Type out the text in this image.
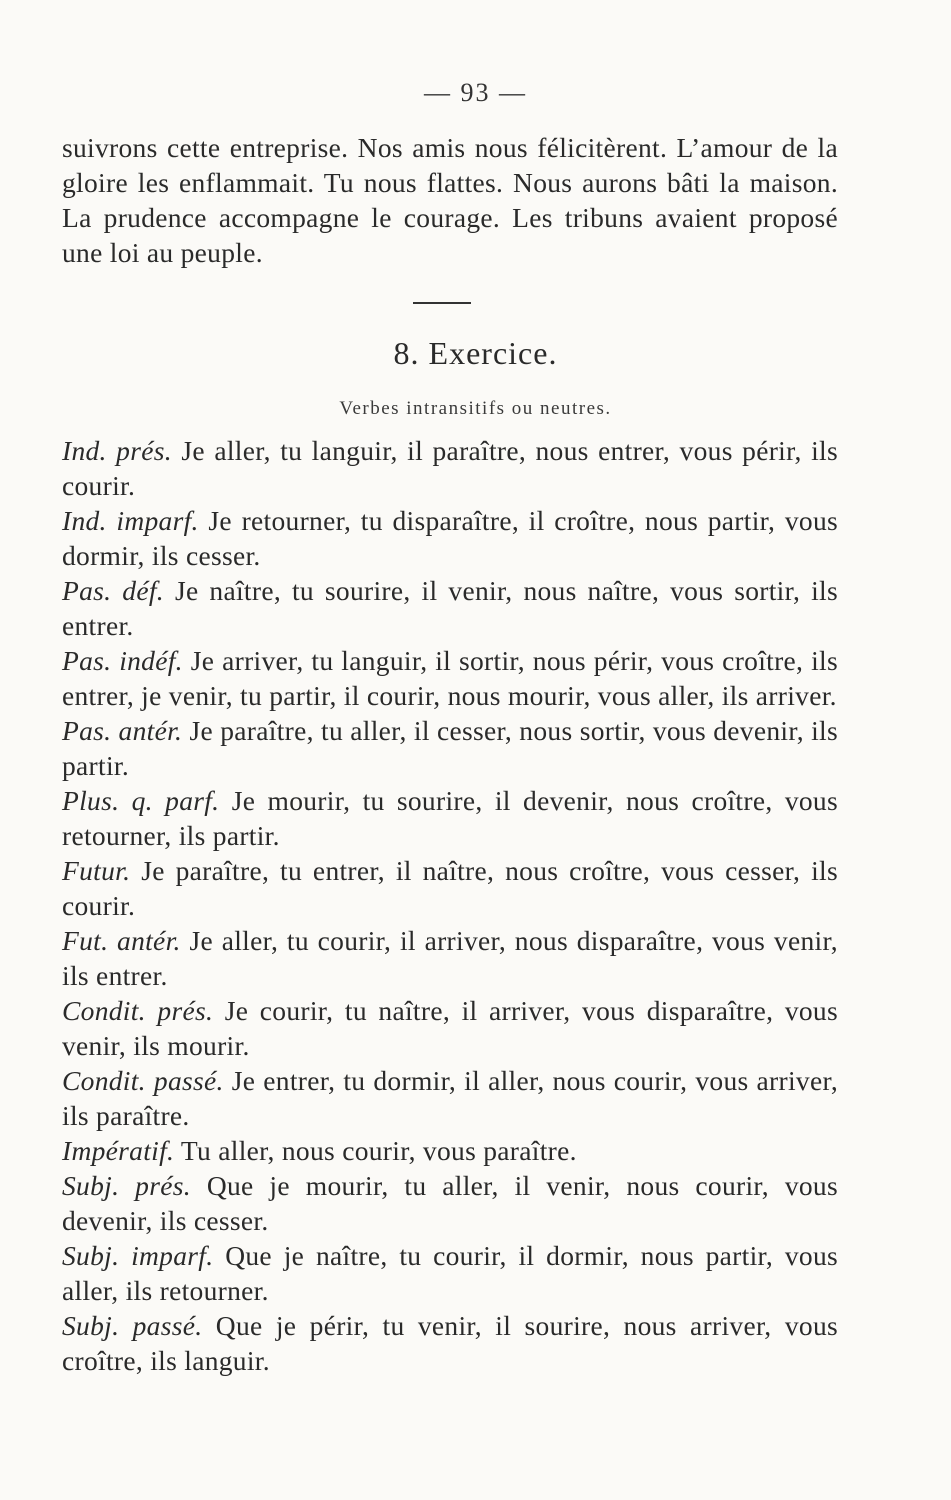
— 93 —
suivrons cette entreprise. Nos amis nous félicitèrent. L’amour de la gloire les enflammait. Tu nous flattes. Nous aurons bâti la maison. La prudence accompagne le courage. Les tribuns avaient proposé une loi au peuple.
8. Exercice.
Verbes intransitifs ou neutres.

Ind. prés. Je aller, tu languir, il paraître, nous entrer, vous périr, ils courir.

Ind. imparf. Je retourner, tu disparaître, il croître, nous partir, vous dormir, ils cesser.

Pas. déf. Je naître, tu sourire, il venir, nous naître, vous sortir, ils entrer.

Pas. indéf. Je arriver, tu languir, il sortir, nous périr, vous croître, ils entrer, je venir, tu partir, il courir, nous mourir, vous aller, ils arriver.

Pas. antér. Je paraître, tu aller, il cesser, nous sortir, vous devenir, ils partir.

Plus. q. parf. Je mourir, tu sourire, il devenir, nous croître, vous retourner, ils partir.

Futur. Je paraître, tu entrer, il naître, nous croître, vous cesser, ils courir.

Fut. antér. Je aller, tu courir, il arriver, nous disparaître, vous venir, ils entrer.

Condit. prés. Je courir, tu naître, il arriver, vous disparaître, vous venir, ils mourir.

Condit. passé. Je entrer, tu dormir, il aller, nous courir, vous arriver, ils paraître.

Impératif. Tu aller, nous courir, vous paraître.

Subj. prés. Que je mourir, tu aller, il venir, nous courir, vous devenir, ils cesser.

Subj. imparf. Que je naître, tu courir, il dormir, nous partir, vous aller, ils retourner.

Subj. passé. Que je périr, tu venir, il sourire, nous arriver, vous croître, ils languir.
